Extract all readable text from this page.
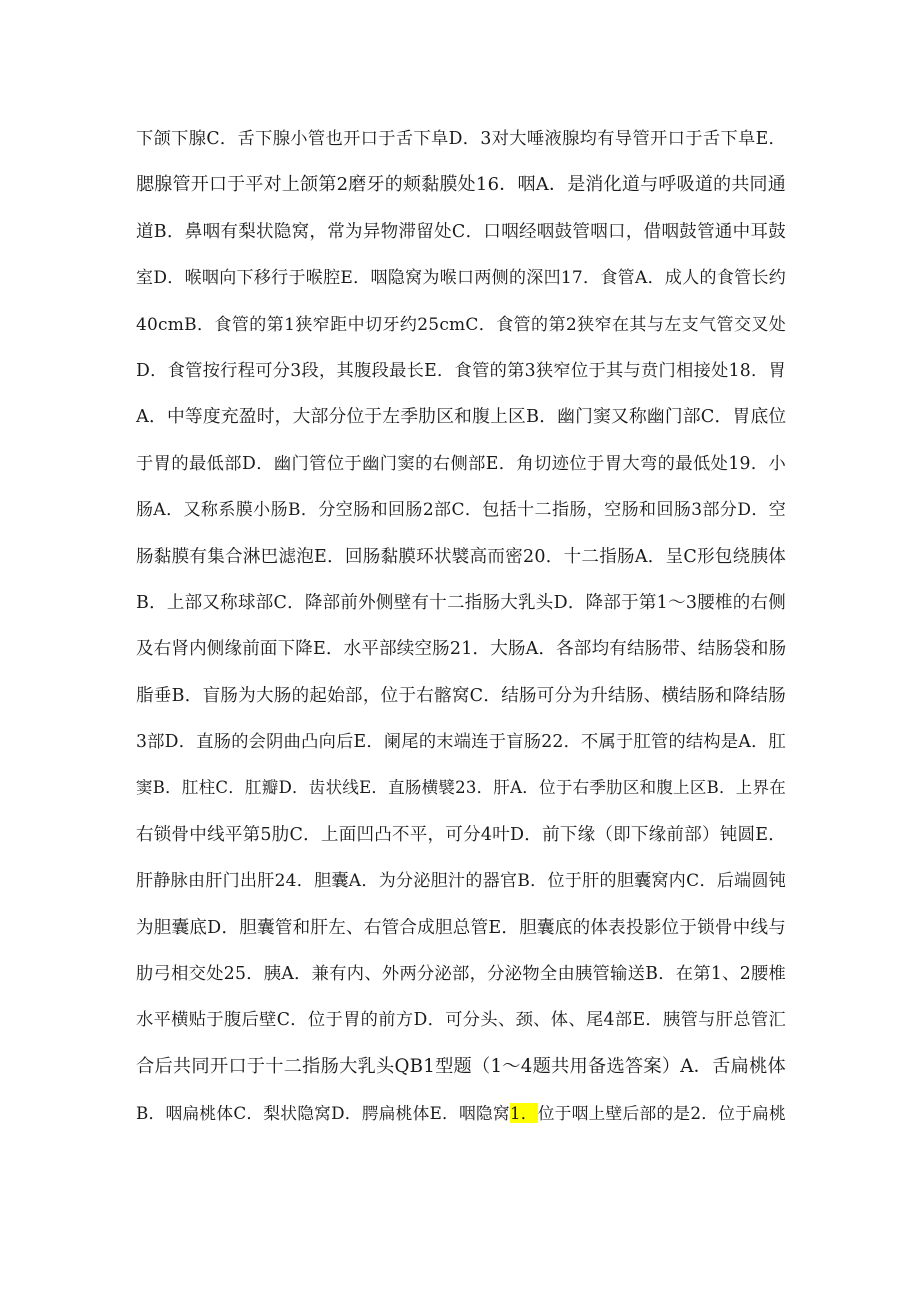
下颌下腺C．舌下腺小管也开口于舌下阜D．3对大唾液腺均有导管开口于舌下阜E．
腮腺管开口于平对上颌第2磨牙的颊黏膜处16．咽A．是消化道与呼吸道的共同通
道B．鼻咽有梨状隐窝，常为异物滞留处C．口咽经咽鼓管咽口，借咽鼓管通中耳鼓
室D．喉咽向下移行于喉腔E．咽隐窝为喉口两侧的深凹17．食管A．成人的食管长约
40cmB．食管的第1狭窄距中切牙约25cmC．食管的第2狭窄在其与左支气管交叉处
D．食管按行程可分3段，其腹段最长E．食管的第3狭窄位于其与贲门相接处18．胃
A．中等度充盈时，大部分位于左季肋区和腹上区B．幽门窦又称幽门部C．胃底位
于胃的最低部D．幽门管位于幽门窦的右侧部E．角切迹位于胃大弯的最低处19．小
肠A．又称系膜小肠B．分空肠和回肠2部C．包括十二指肠，空肠和回肠3部分D．空
肠黏膜有集合淋巴滤泡E．回肠黏膜环状襞高而密20．十二指肠A．呈C形包绕胰体
B．上部又称球部C．降部前外侧壁有十二指肠大乳头D．降部于第1～3腰椎的右侧
及右肾内侧缘前面下降E．水平部续空肠21．大肠A．各部均有结肠带、结肠袋和肠
脂垂B．盲肠为大肠的起始部，位于右髂窝C．结肠可分为升结肠、横结肠和降结肠
3部D．直肠的会阴曲凸向后E．阑尾的末端连于盲肠22．不属于肛管的结构是A．肛
窦B．肛柱C．肛瓣D．齿状线E．直肠横襞23．肝A．位于右季肋区和腹上区B．上界在
右锁骨中线平第5肋C．上面凹凸不平，可分4叶D．前下缘（即下缘前部）钝圆E．
肝静脉由肝门出肝24．胆囊A．为分泌胆汁的器官B．位于肝的胆囊窝内C．后端圆钝
为胆囊底D．胆囊管和肝左、右管合成胆总管E．胆囊底的体表投影位于锁骨中线与
肋弓相交处25．胰A．兼有内、外两分泌部，分泌物全由胰管输送B．在第1、2腰椎
水平横贴于腹后壁C．位于胃的前方D．可分头、颈、体、尾4部E．胰管与肝总管汇
合后共同开口于十二指肠大乳头QB1型题（1～4题共用备选答案）A．舌扁桃体
B．咽扁桃体C．梨状隐窝D．腭扁桃体E．咽隐窝1．位于咽上壁后部的是2．位于扁桃
